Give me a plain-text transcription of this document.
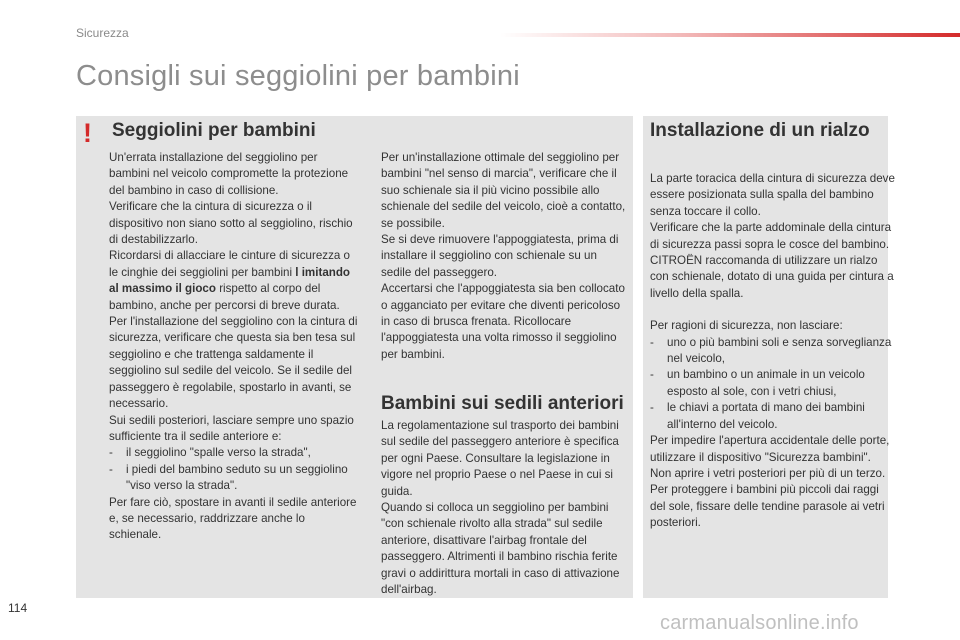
Sicurezza
Consigli sui seggiolini per bambini
! Seggiolini per bambini	Installazione di un rialzo
Bambini sui sedili anteriori

Un'errata installazione del seggiolino per bambini nel veicolo compromette la protezione del bambino in caso di collisione.

Verificare che la cintura di sicurezza o il dispositivo non siano sotto al seggiolino, rischio di destabilizzarlo.

Ricordarsi di allacciare le cinture di sicurezza o le cinghie dei seggiolini per bambini l imitando al massimo il gioco rispetto al corpo del bambino, anche per percorsi di breve durata.

Per l'installazione del seggiolino con la cintura di sicurezza, verificare che questa sia ben tesa sul seggiolino e che trattenga saldamente il seggiolino sul sedile del veicolo. Se il sedile del passeggero è regolabile, spostarlo in avanti, se necessario.

Sui sedili posteriori, lasciare sempre uno spazio sufficiente tra il sedile anteriore e:

-	il seggiolino "spalle verso la strada",
-	i piedi del bambino seduto su un seggiolino "viso verso la strada".

Per fare ciò, spostare in avanti il sedile anteriore e, se necessario, raddrizzare anche lo schienale.

Per un'installazione ottimale del seggiolino per bambini "nel senso di marcia", verificare che il suo schienale sia il più vicino possibile allo schienale del sedile del veicolo, cioè a contatto, se possibile.

Se si deve rimuovere l'appoggiatesta, prima di installare il seggiolino con schienale su un sedile del passeggero.

Accertarsi che l'appoggiatesta sia ben collocato o agganciato per evitare che diventi pericoloso in caso di brusca frenata. Ricollocare l'appoggiatesta una volta rimosso il seggiolino per bambini.

La regolamentazione sul trasporto dei bambini sul sedile del passeggero anteriore è specifica per ogni Paese. Consultare la legislazione in vigore nel proprio Paese o nel Paese in cui si guida.

Quando si colloca un seggiolino per bambini "con schienale rivolto alla strada" sul sedile anteriore, disattivare l'airbag frontale del passeggero. Altrimenti il bambino rischia ferite gravi o addirittura mortali in caso di attivazione dell'airbag.

La parte toracica della cintura di sicurezza deve essere posizionata sulla spalla del bambino senza toccare il collo.

Verificare che la parte addominale della cintura di sicurezza passi sopra le cosce del bambino.

CITROËN raccomanda di utilizzare un rialzo con schienale, dotato di una guida per cintura a livello della spalla.

Per ragioni di sicurezza, non lasciare:

-	uno o più bambini soli e senza sorveglianza nel veicolo,
-	un bambino o un animale in un veicolo esposto al sole, con i vetri chiusi,
-	le chiavi a portata di mano dei bambini all'interno del veicolo.

Per impedire l'apertura accidentale delle porte, utilizzare il dispositivo "Sicurezza bambini".

Non aprire i vetri posteriori per più di un terzo.

Per proteggere i bambini più piccoli dai raggi del sole, fissare delle tendine parasole ai vetri posteriori.

114
carmanualsonline.info
